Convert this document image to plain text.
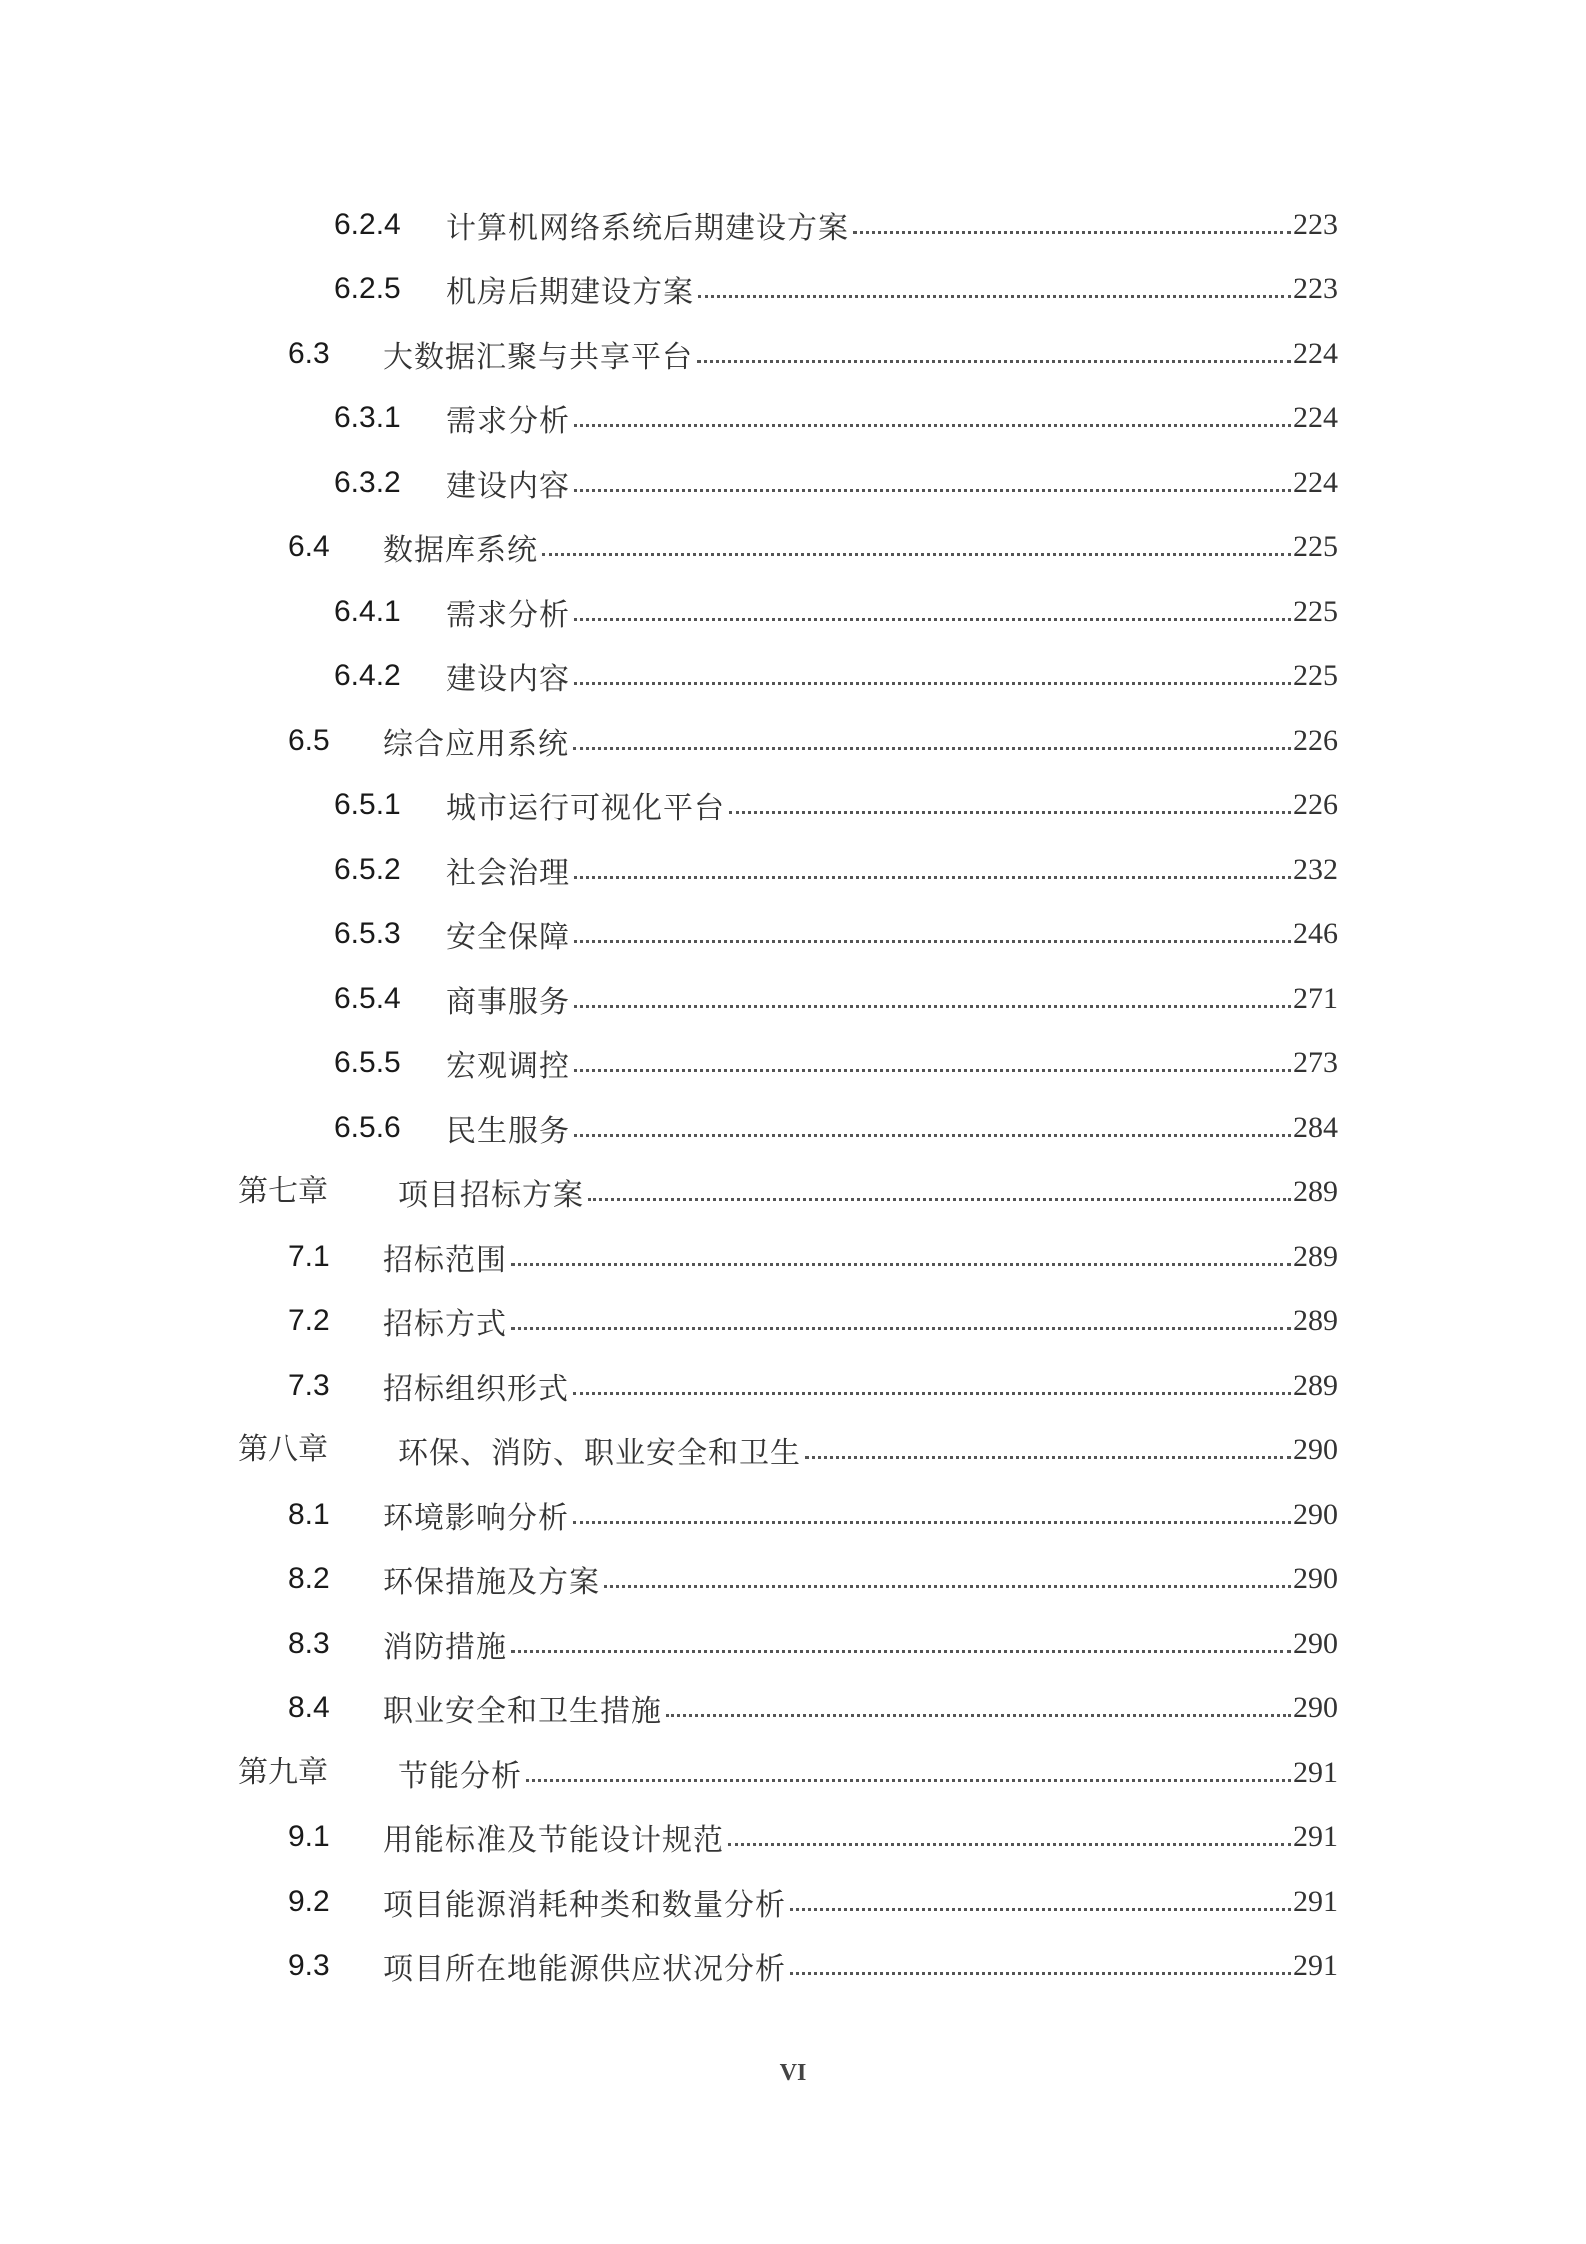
6.2.4 计算机网络系统后期建设方案	223
6.2.5 机房后期建设方案	223
6.3 大数据汇聚与共享平台	224
6.3.1 需求分析	224
6.3.2 建设内容	224
6.4 数据库系统	225
6.4.1 需求分析	225
6.4.2 建设内容	225
6.5 综合应用系统	226
6.5.1 城市运行可视化平台	226
6.5.2 社会治理	232
6.5.3 安全保障	246
6.5.4 商事服务	271
6.5.5 宏观调控	273
6.5.6 民生服务	284
第七章 项目招标方案	289
7.1 招标范围	289
7.2 招标方式	289
7.3 招标组织形式	289
第八章 环保、消防、职业安全和卫生	290
8.1 环境影响分析	290
8.2 环保措施及方案	290
8.3 消防措施	290
8.4 职业安全和卫生措施	290
第九章 节能分析	291
9.1 用能标准及节能设计规范	291
9.2 项目能源消耗种类和数量分析	291
9.3 项目所在地能源供应状况分析	291
VI
